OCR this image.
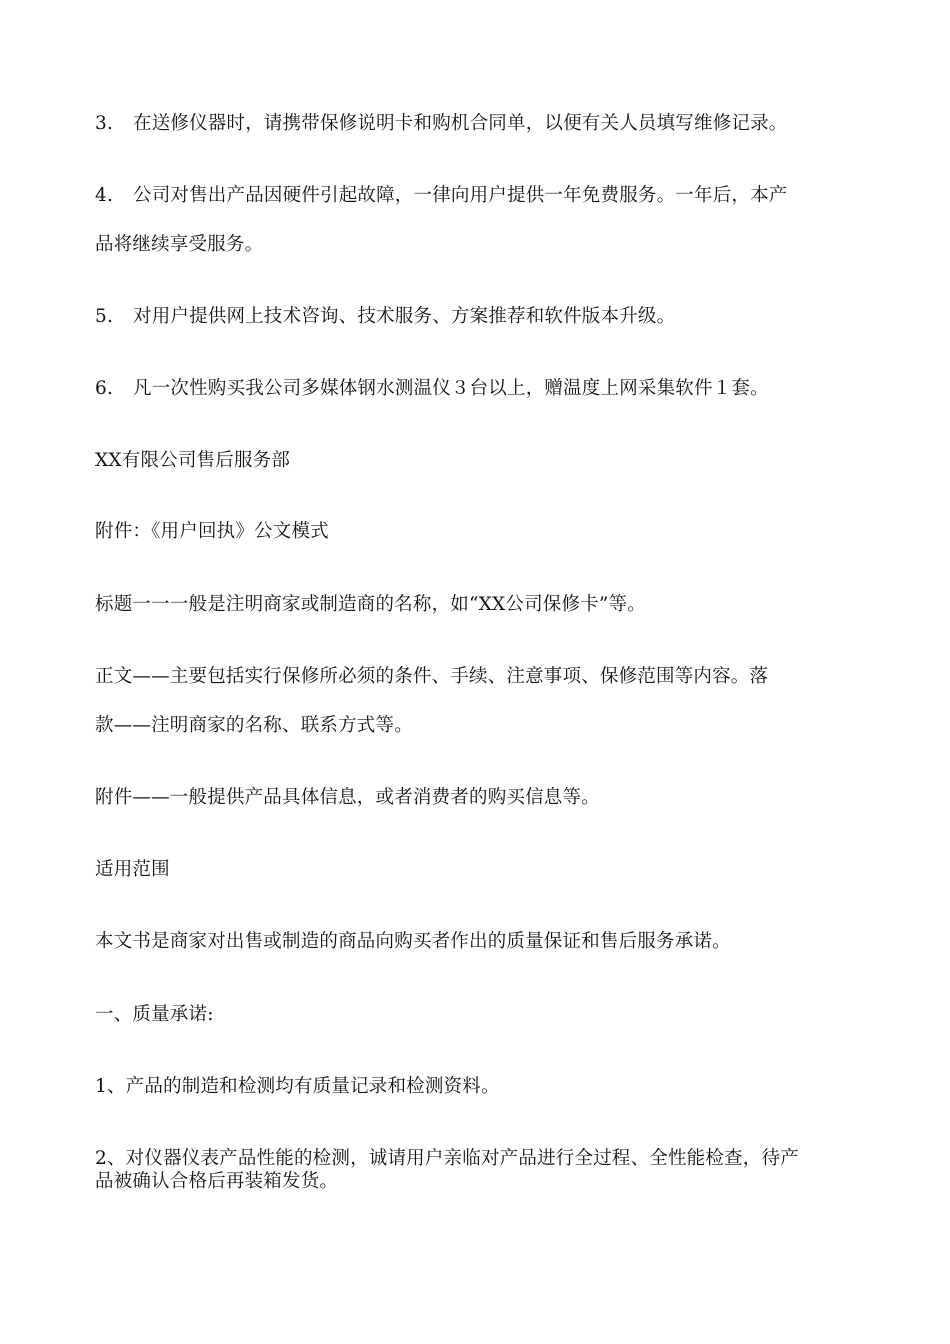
3. 在送修仪器时，请携带保修说明卡和购机合同单，以便有关人员填写维修记录。
4. 公司对售出产品因硬件引起故障，一律向用户提供一年免费服务。一年后，本产
品将继续享受服务。
5. 对用户提供网上技术咨询、技术服务、方案推荐和软件版本升级。
6. 凡一次性购买我公司多媒体钢水测温仪３台以上，赠温度上网采集软件１套。
XX有限公司售后服务部
附件：《用户回执》公文模式
标题一一一般是注明商家或制造商的名称，如“XX公司保修卡”等。
正文——主要包括实行保修所必须的条件、手续、注意事项、保修范围等内容。落
款——注明商家的名称、联系方式等。
附件——一般提供产品具体信息，或者消费者的购买信息等。
适用范围
本文书是商家对出售或制造的商品向购买者作出的质量保证和售后服务承诺。
一、质量承诺:
1、产品的制造和检测均有质量记录和检测资料。
2、对仪器仪表产品性能的检测，诚请用户亲临对产品进行全过程、全性能检查，待产
品被确认合格后再装箱发货。
